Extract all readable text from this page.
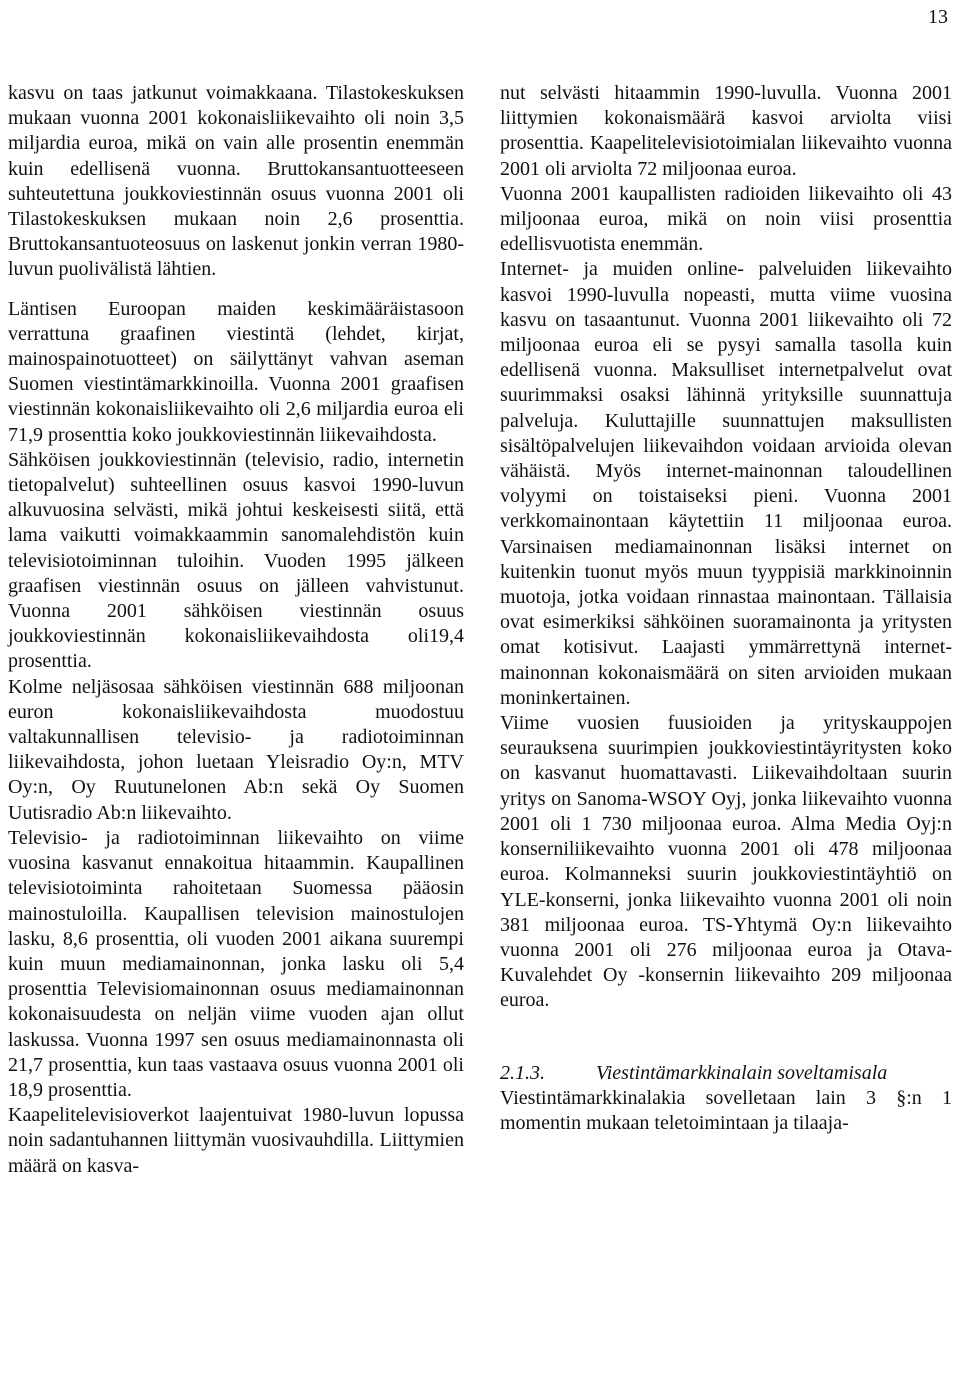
13

kasvu on taas jatkunut voimakkaana. Tilastokeskuksen mukaan vuonna 2001 kokonaisliikevaihto oli noin 3,5 miljardia euroa, mikä on vain alle prosentin enemmän kuin edellisenä vuonna. Bruttokansantuotteeseen suhteutettuna joukkoviestinnän osuus vuonna 2001 oli Tilastokeskuksen mukaan noin 2,6 prosenttia. Bruttokansantuoteosuus on laskenut jonkin verran 1980-luvun puolivälistä lähtien.

Läntisen Euroopan maiden keskimääräistasoon verrattuna graafinen viestintä (lehdet, kirjat, mainospainotuotteet) on säilyttänyt vahvan aseman Suomen viestintämarkkinoilla. Vuonna 2001 graafisen viestinnän kokonaisliikevaihto oli 2,6 miljardia euroa eli 71,9 prosenttia koko joukkoviestinnän liikevaihdosta.

Sähköisen joukkoviestinnän (televisio, radio, internetin tietopalvelut) suhteellinen osuus kasvoi 1990-luvun alkuvuosina selvästi, mikä johtui keskeisesti siitä, että lama vaikutti voimakkaammin sanomalehdistön kuin televisiotoiminnan tuloihin. Vuoden 1995 jälkeen graafisen viestinnän osuus on jälleen vahvistunut. Vuonna 2001 sähköisen viestinnän osuus joukkoviestinnän kokonaisliikevaihdosta oli19,4 prosenttia.

Kolme neljäsosaa sähköisen viestinnän 688 miljoonan euron kokonaisliikevaihdosta muodostuu valtakunnallisen televisio- ja radiotoiminnan liikevaihdosta, johon luetaan Yleisradio Oy:n, MTV Oy:n, Oy Ruutunelonen Ab:n sekä Oy Suomen Uutisradio Ab:n liikevaihto.

Televisio- ja radiotoiminnan liikevaihto on viime vuosina kasvanut ennakoitua hitaammin. Kaupallinen televisiotoiminta rahoitetaan Suomessa pääosin mainostuloilla. Kaupallisen television mainostulojen lasku, 8,6 prosenttia, oli vuoden 2001 aikana suurempi kuin muun mediamainonnan, jonka lasku oli 5,4 prosenttia Televisiomainonnan osuus mediamainonnan kokonaisuudesta on neljän viime vuoden ajan ollut laskussa. Vuonna 1997 sen osuus mediamainonnasta oli 21,7 prosenttia, kun taas vastaava osuus vuonna 2001 oli 18,9 prosenttia.

Kaapelitelevisioverkot laajentuivat 1980-luvun lopussa noin sadantuhannen liittymän vuosivauhdilla. Liittymien määrä on kasva-

nut selvästi hitaammin 1990-luvulla. Vuonna 2001 liittymien kokonaismäärä kasvoi arviolta viisi prosenttia. Kaapelitelevisiotoimialan liikevaihto vuonna 2001 oli arviolta 72 miljoonaa euroa.

Vuonna 2001 kaupallisten radioiden liikevaihto oli 43 miljoonaa euroa, mikä on noin viisi prosenttia edellisvuotista enemmän.

Internet- ja muiden online- palveluiden liikevaihto kasvoi 1990-luvulla nopeasti, mutta viime vuosina kasvu on tasaantunut. Vuonna 2001 liikevaihto oli 72 miljoonaa euroa eli se pysyi samalla tasolla kuin edellisenä vuonna. Maksulliset internetpalvelut ovat suurimmaksi osaksi lähinnä yrityksille suunnattuja palveluja. Kuluttajille suunnattujen maksullisten sisältöpalvelujen liikevaihdon voidaan arvioida olevan vähäistä. Myös internet-mainonnan taloudellinen volyymi on toistaiseksi pieni. Vuonna 2001 verkkomainontaan käytettiin 11 miljoonaa euroa. Varsinaisen mediamainonnan lisäksi internet on kuitenkin tuonut myös muun tyyppisiä markkinoinnin muotoja, jotka voidaan rinnastaa mainontaan. Tällaisia ovat esimerkiksi sähköinen suoramainonta ja yritysten omat kotisivut. Laajasti ymmärrettynä internet-mainonnan kokonaismäärä on siten arvioiden mukaan moninkertainen.

Viime vuosien fuusioiden ja yrityskauppojen seurauksena suurimpien joukkoviestintäyritysten koko on kasvanut huomattavasti. Liikevaihdoltaan suurin yritys on Sanoma-WSOY Oyj, jonka liikevaihto vuonna 2001 oli 1 730 miljoonaa euroa. Alma Media Oyj:n konserniliikevaihto vuonna 2001 oli 478 miljoonaa euroa. Kolmanneksi suurin joukkoviestintäyhtiö on YLE-konserni, jonka liikevaihto vuonna 2001 oli noin 381 miljoonaa euroa. TS-Yhtymä Oy:n liikevaihto vuonna 2001 oli 276 miljoonaa euroa ja Otava-Kuvalehdet Oy -konsernin liikevaihto 209 miljoonaa euroa.

2.1.3.	Viestintämarkkinalain soveltamisala

Viestintämarkkinalakia sovelletaan lain 3 §:n 1 momentin mukaan teletoimintaan ja tilaaja-
